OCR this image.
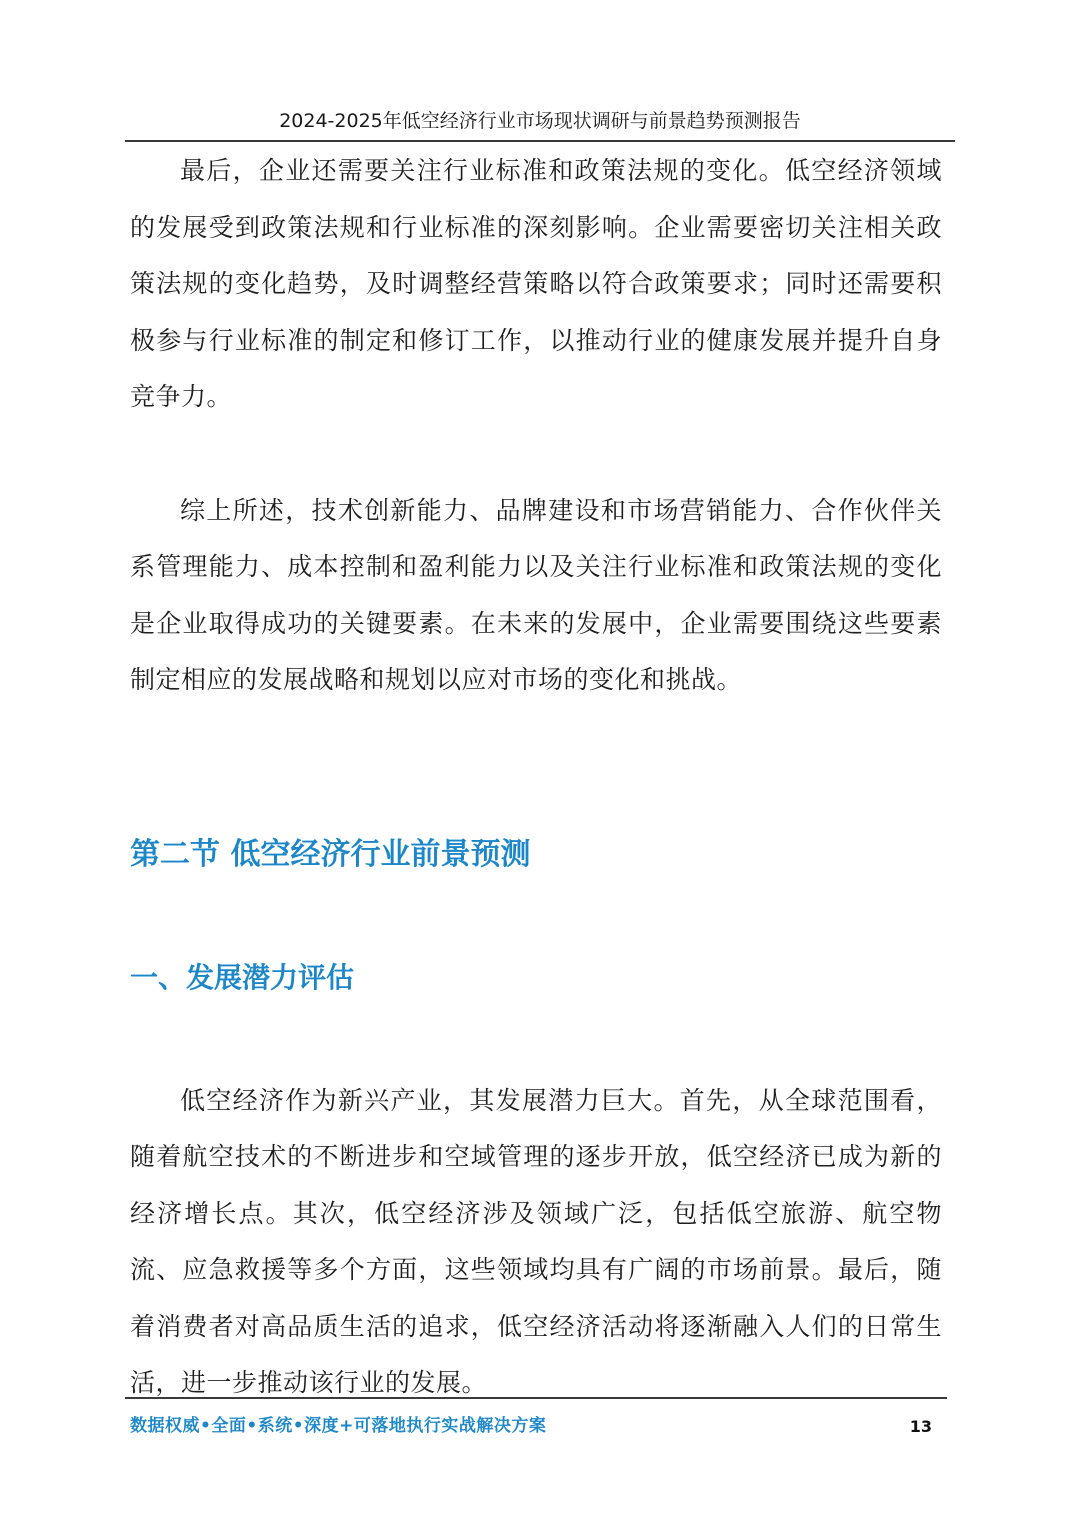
2024-2025年低空经济行业市场现状调研与前景趋势预测报告

最后，企业还需要关注行业标准和政策法规的变化。低空经济领域的发展受到政策法规和行业标准的深刻影响。企业需要密切关注相关政策法规的变化趋势，及时调整经营策略以符合政策要求；同时还需要积极参与行业标准的制定和修订工作，以推动行业的健康发展并提升自身竞争力。

综上所述，技术创新能力、品牌建设和市场营销能力、合作伙伴关系管理能力、成本控制和盈利能力以及关注行业标准和政策法规的变化是企业取得成功的关键要素。在未来的发展中，企业需要围绕这些要素制定相应的发展战略和规划以应对市场的变化和挑战。

第二节 低空经济行业前景预测
一、发展潜力评估

低空经济作为新兴产业，其发展潜力巨大。首先，从全球范围看，随着航空技术的不断进步和空域管理的逐步开放，低空经济已成为新的经济增长点。其次，低空经济涉及领域广泛，包括低空旅游、航空物流、应急救援等多个方面，这些领域均具有广阔的市场前景。最后，随着消费者对高品质生活的追求，低空经济活动将逐渐融入人们的日常生活，进一步推动该行业的发展。

数据权威•全面•系统•深度+可落地执行实战解决方案	13
